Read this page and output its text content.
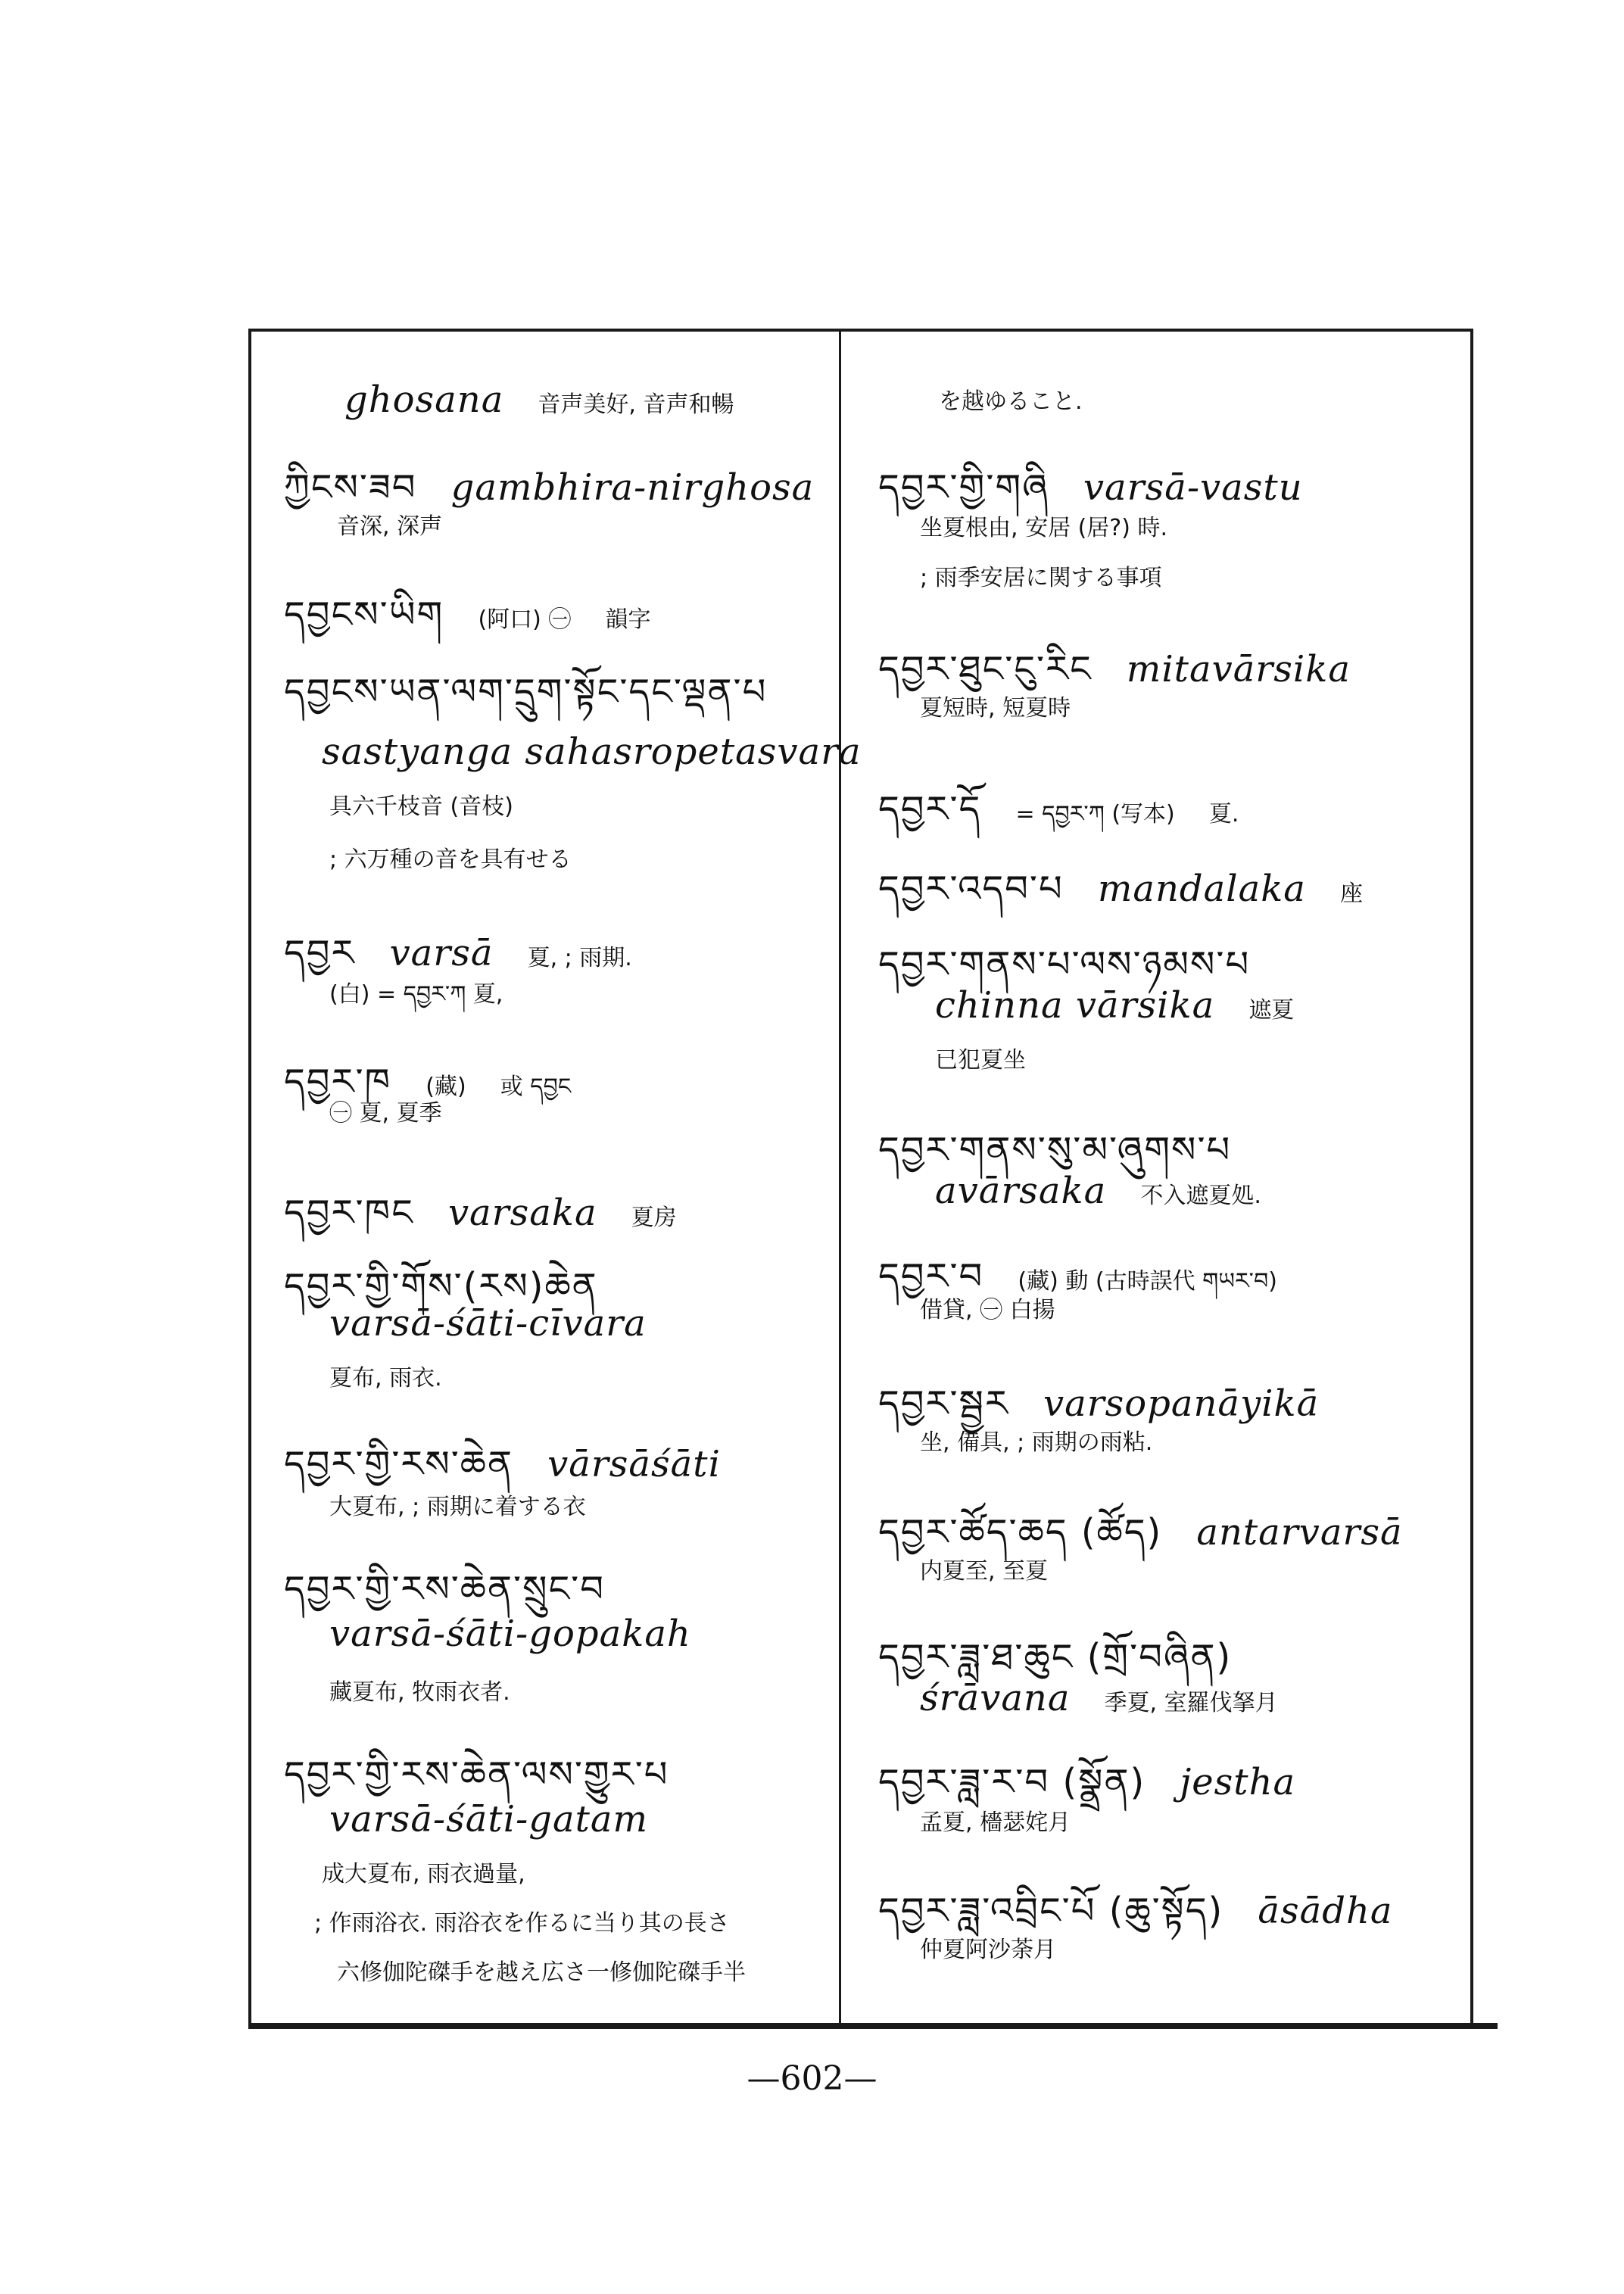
ghosana 音声美好, 音声和暢
ཀྱིངས་ཟབ gambhira-nirghosa
音深, 深声
དབྱངས་ཡིག (阿口) ㊀ 韻字
དབྱངས་ཡན་ལག་དྲུག་སྟོང་དང་ལྡན་པ
sastyanga sahasropetasvara
具六千枝音 (音枝)
; 六万種の音を具有せる
དབྱར varsā 夏, ; 雨期.
(白) = དབྱར་ཀ 夏,
དབྱར་ཁ (藏) 或 དབྱང
㊀ 夏, 夏季
དབྱར་ཁང varsaka 夏房
དབྱར་གྱི་གོས་(རས)ཆེན
varsā-śāti-cīvara
夏布, 雨衣.
དབྱར་གྱི་རས་ཆེན vārsāśāti
大夏布, ; 雨期に着する衣
དབྱར་གྱི་རས་ཆེན་སྲུང་བ
varsā-śāti-gopakah
藏夏布, 牧雨衣者.
དབྱར་གྱི་རས་ཆེན་ལས་གྱུར་པ
varsā-śāti-gatam
成大夏布, 雨衣過量,
; 作雨浴衣. 雨浴衣を作るに当り其の長さ
六修伽陀磔手を越え広さ一修伽陀磔手半
を越ゆること.
དབྱར་གྱི་གཞི varsā-vastu
坐夏根由, 安居 (居?) 時.
; 雨季安居に関する事項
དབྱར་ཐུང་ངུ་རིང mitavārsika
夏短時, 短夏時
དབྱར་དོ = དབྱར་ཀ (写本) 夏.
དབྱར་འདབ་པ mandalaka 座
དབྱར་གནས་པ་ལས་ཉམས་པ
chinna vārsika 遮夏
已犯夏坐
དབྱར་གནས་སུ་མ་ཞུགས་པ
avārsaka 不入遮夏処.
དབྱར་བ (藏) 動 (古時誤代 གཡར་བ)
借貸, ㊀ 白揚
དབྱར་སྦྱར varsopanāyikā
坐, 備具, ; 雨期の雨粘.
དབྱར་ཚོད་ཆད (ཚོད) antarvarsā
内夏至, 至夏
དབྱར་ཟླ་ཐ་ཆུང (གྲོ་བཞིན)
śrāvana 季夏, 室羅伐拏月
དབྱར་ཟླ་ར་བ (སྣྲོན) jestha
孟夏, 檣瑟姹月
དབྱར་ཟླ་འབྲིང་པོ (ཆུ་སྟོད) āsādha
仲夏阿沙荼月
—602—
